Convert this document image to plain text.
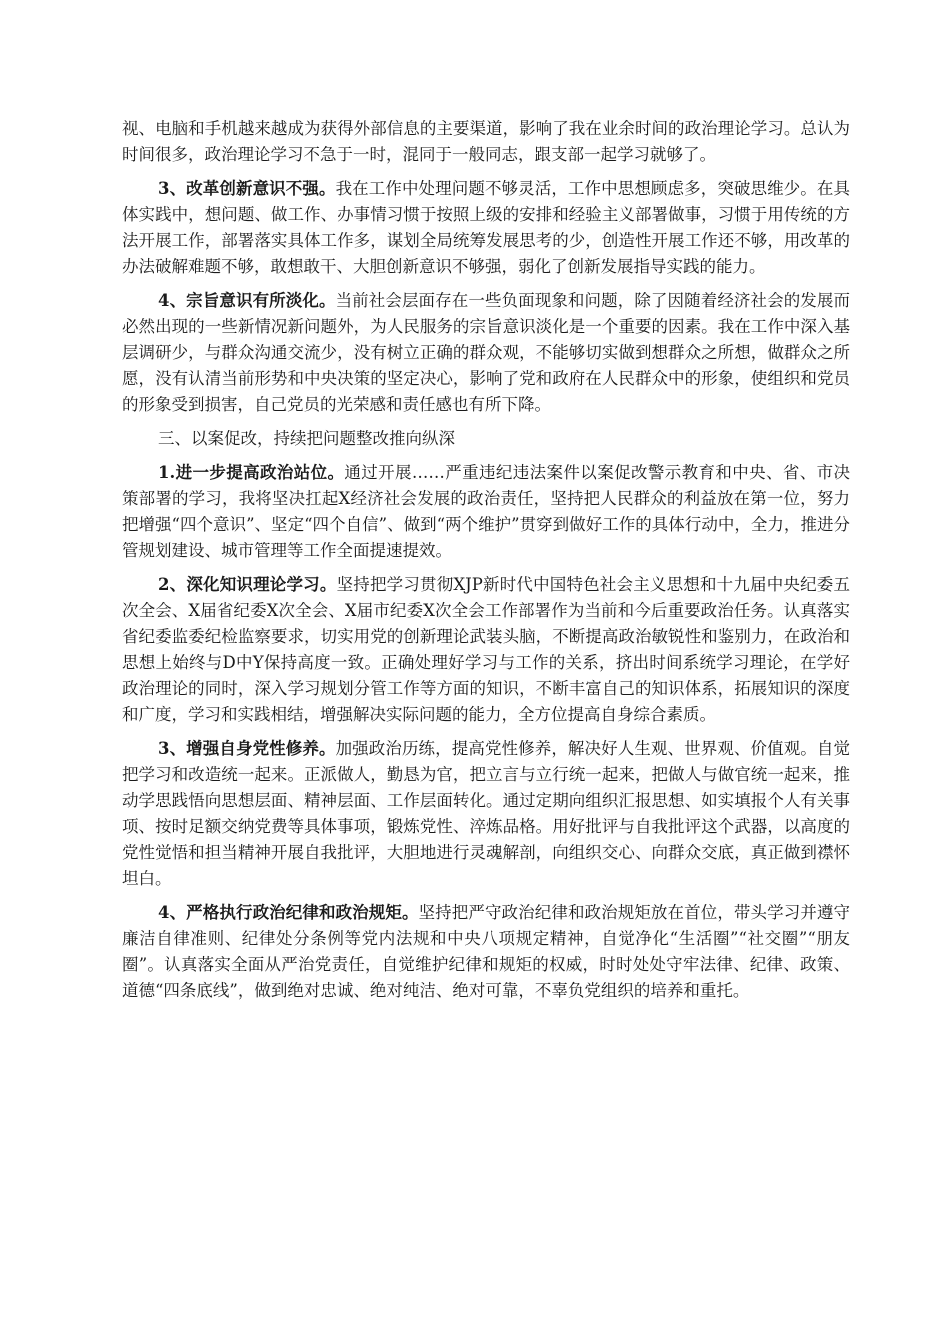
视、电脑和手机越来越成为获得外部信息的主要渠道，影响了我在业余时间的政治理论学习。总认为时间很多，政治理论学习不急于一时，混同于一般同志，跟支部一起学习就够了。

3、改革创新意识不强。我在工作中处理问题不够灵活，工作中思想顾虑多，突破思维少。在具体实践中，想问题、做工作、办事情习惯于按照上级的安排和经验主义部署做事，习惯于用传统的方法开展工作，部署落实具体工作多，谋划全局统筹发展思考的少，创造性开展工作还不够，用改革的办法破解难题不够，敢想敢干、大胆创新意识不够强，弱化了创新发展指导实践的能力。

4、宗旨意识有所淡化。当前社会层面存在一些负面现象和问题，除了因随着经济社会的发展而必然出现的一些新情况新问题外，为人民服务的宗旨意识淡化是一个重要的因素。我在工作中深入基层调研少，与群众沟通交流少，没有树立正确的群众观，不能够切实做到想群众之所想，做群众之所愿，没有认清当前形势和中央决策的坚定决心，影响了党和政府在人民群众中的形象，使组织和党员的形象受到损害，自己党员的光荣感和责任感也有所下降。

三、以案促改，持续把问题整改推向纵深

1.进一步提高政治站位。通过开展……严重违纪违法案件以案促改警示教育和中央、省、市决策部署的学习，我将坚决扛起X经济社会发展的政治责任，坚持把人民群众的利益放在第一位，努力把增强“四个意识”、坚定“四个自信”、做到“两个维护”贯穿到做好工作的具体行动中，全力，推进分管规划建设、城市管理等工作全面提速提效。

2、深化知识理论学习。坚持把学习贯彻XJP新时代中国特色社会主义思想和十九届中央纪委五次全会、X届省纪委X次全会、X届市纪委X次全会工作部署作为当前和今后重要政治任务。认真落实省纪委监委纪检监察要求，切实用党的创新理论武装头脑，不断提高政治敏锐性和鉴别力，在政治和思想上始终与D中Y保持高度一致。正确处理好学习与工作的关系，挤出时间系统学习理论，在学好政治理论的同时，深入学习规划分管工作等方面的知识，不断丰富自己的知识体系，拓展知识的深度和广度，学习和实践相结，增强解决实际问题的能力，全方位提高自身综合素质。

3、增强自身党性修养。加强政治历练，提高党性修养，解决好人生观、世界观、价值观。自觉把学习和改造统一起来。正派做人，勤恳为官，把立言与立行统一起来，把做人与做官统一起来，推动学思践悟向思想层面、精神层面、工作层面转化。通过定期向组织汇报思想、如实填报个人有关事项、按时足额交纳党费等具体事项，锻炼党性、淬炼品格。用好批评与自我批评这个武器，以高度的党性觉悟和担当精神开展自我批评，大胆地进行灵魂解剖，向组织交心、向群众交底，真正做到襟怀坦白。

4、严格执行政治纪律和政治规矩。坚持把严守政治纪律和政治规矩放在首位，带头学习并遵守廉洁自律准则、纪律处分条例等党内法规和中央八项规定精神，自觉净化“生活圈”“社交圈”“朋友圈”。认真落实全面从严治党责任，自觉维护纪律和规矩的权威，时时处处守牢法律、纪律、政策、道德“四条底线”，做到绝对忠诚、绝对纯洁、绝对可靠，不辜负党组织的培养和重托。
